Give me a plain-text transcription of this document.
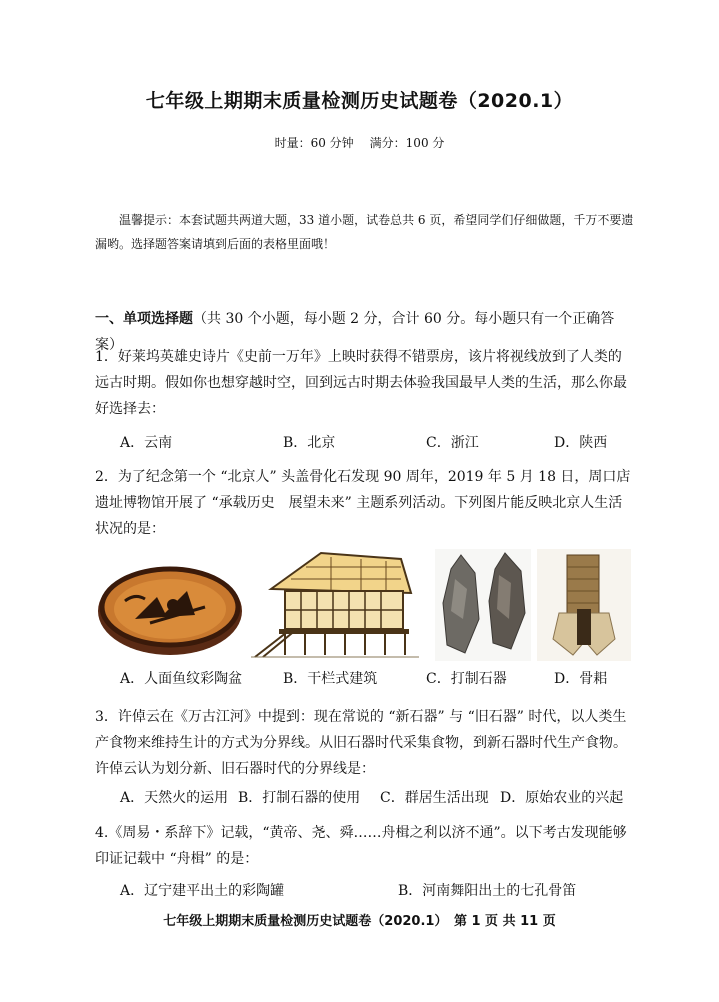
七年级上期期末质量检测历史试题卷（2020.1）
时量：60 分钟 满分：100 分
温馨提示：本套试题共两道大题，33 道小题，试卷总共 6 页，希望同学们仔细做题，千万不要遗漏哟。选择题答案请填到后面的表格里面哦！
一、单项选择题（共 30 个小题，每小题 2 分，合计 60 分。每小题只有一个正确答案）
1．好莱坞英雄史诗片《史前一万年》上映时获得不错票房，该片将视线放到了人类的远古时期。假如你也想穿越时空，回到远古时期去体验我国最早人类的生活，那么你最好选择去：
A．云南	B．北京	C．浙江	D．陕西
2．为了纪念第一个 “北京人” 头盖骨化石发现 90 周年，2019 年 5 月 18 日，周口店遗址博物馆开展了 “承载历史　展望未来” 主题系列活动。下列图片能反映北京人生活状况的是：
A．人面鱼纹彩陶盆	B．干栏式建筑	C．打制石器	D．骨耜
3．许倬云在《万古江河》中提到：现在常说的 “新石器” 与 “旧石器” 时代，以人类生产食物来维持生计的方式为分界线。从旧石器时代采集食物，到新石器时代生产食物。许倬云认为划分新、旧石器时代的分界线是：
A．天然火的运用 B．打制石器的使用	C．群居生活出现 D．原始农业的兴起
4.《周易・系辞下》记载，“黄帝、尧、舜……舟楫之利以济不通”。以下考古发现能够印证记载中 “舟楫” 的是：
A．辽宁建平出土的彩陶罐	B．河南舞阳出土的七孔骨笛
七年级上期期末质量检测历史试题卷（2020.1）　第 1 页 共 11 页
